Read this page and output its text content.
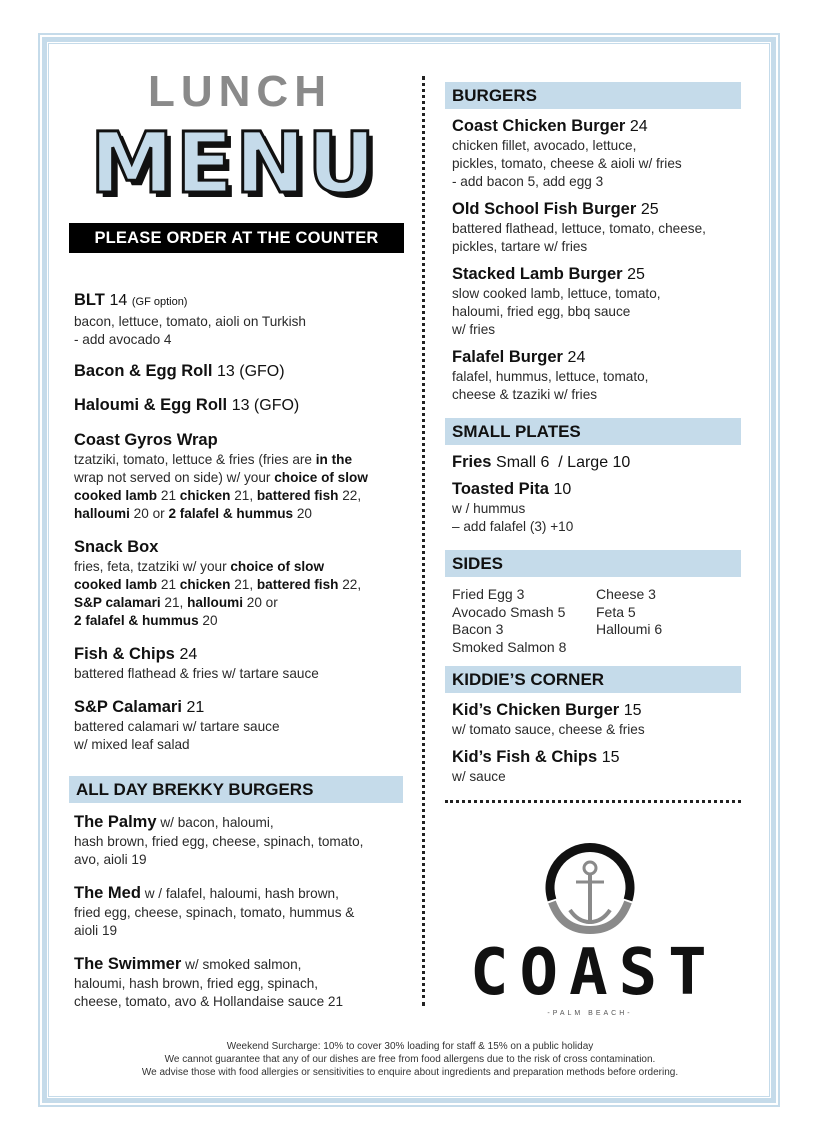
LUNCH
MENU
PLEASE ORDER AT THE COUNTER
BLT 14 (GF option)
bacon, lettuce, tomato, aioli on Turkish
- add avocado 4
Bacon & Egg Roll 13 (GFO)
Haloumi & Egg Roll 13 (GFO)
Coast Gyros Wrap
tzatziki, tomato, lettuce & fries (fries are in the
wrap not served on side) w/ your choice of slow
cooked lamb 21 chicken 21, battered fish 22,
halloumi 20 or 2 falafel & hummus 20
Snack Box
fries, feta, tzatziki w/ your choice of slow
cooked lamb 21 chicken 21, battered fish 22,
S&P calamari 21, halloumi 20 or
2 falafel & hummus 20
Fish & Chips 24
battered flathead & fries w/ tartare sauce
S&P Calamari 21
battered calamari w/ tartare sauce
w/ mixed leaf salad
ALL DAY BREKKY BURGERS
The Palmy w/ bacon, haloumi,
hash brown, fried egg, cheese, spinach, tomato,
avo, aioli 19
The Med w / falafel, haloumi, hash brown,
fried egg, cheese, spinach, tomato, hummus &
aioli 19
The Swimmer w/ smoked salmon,
haloumi, hash brown, fried egg, spinach,
cheese, tomato, avo & Hollandaise sauce 21
BURGERS
Coast Chicken Burger 24
chicken fillet, avocado, lettuce,
pickles, tomato, cheese & aioli w/ fries
- add bacon 5, add egg 3
Old School Fish Burger 25
battered flathead, lettuce, tomato, cheese,
pickles, tartare w/ fries
Stacked Lamb Burger 25
slow cooked lamb, lettuce, tomato,
haloumi, fried egg, bbq sauce
w/ fries
Falafel Burger 24
falafel, hummus, lettuce, tomato,
cheese & tzaziki w/ fries
SMALL PLATES
Fries Small 6  / Large 10
Toasted Pita 10
w / hummus
– add falafel (3) +10
SIDES
Fried Egg 3	Cheese 3
Avocado Smash 5	Feta 5
Bacon 3	Halloumi 6
Smoked Salmon 8
KIDDIE’S CORNER
Kid’s Chicken Burger 15
w/ tomato sauce, cheese & fries
Kid’s Fish & Chips 15
w/ sauce
COAST
-PALM BEACH-
Weekend Surcharge: 10% to cover 30% loading for staff & 15% on a public holiday
We cannot guarantee that any of our dishes are free from food allergens due to the risk of cross contamination.
We advise those with food allergies or sensitivities to enquire about ingredients and preparation methods before ordering.
